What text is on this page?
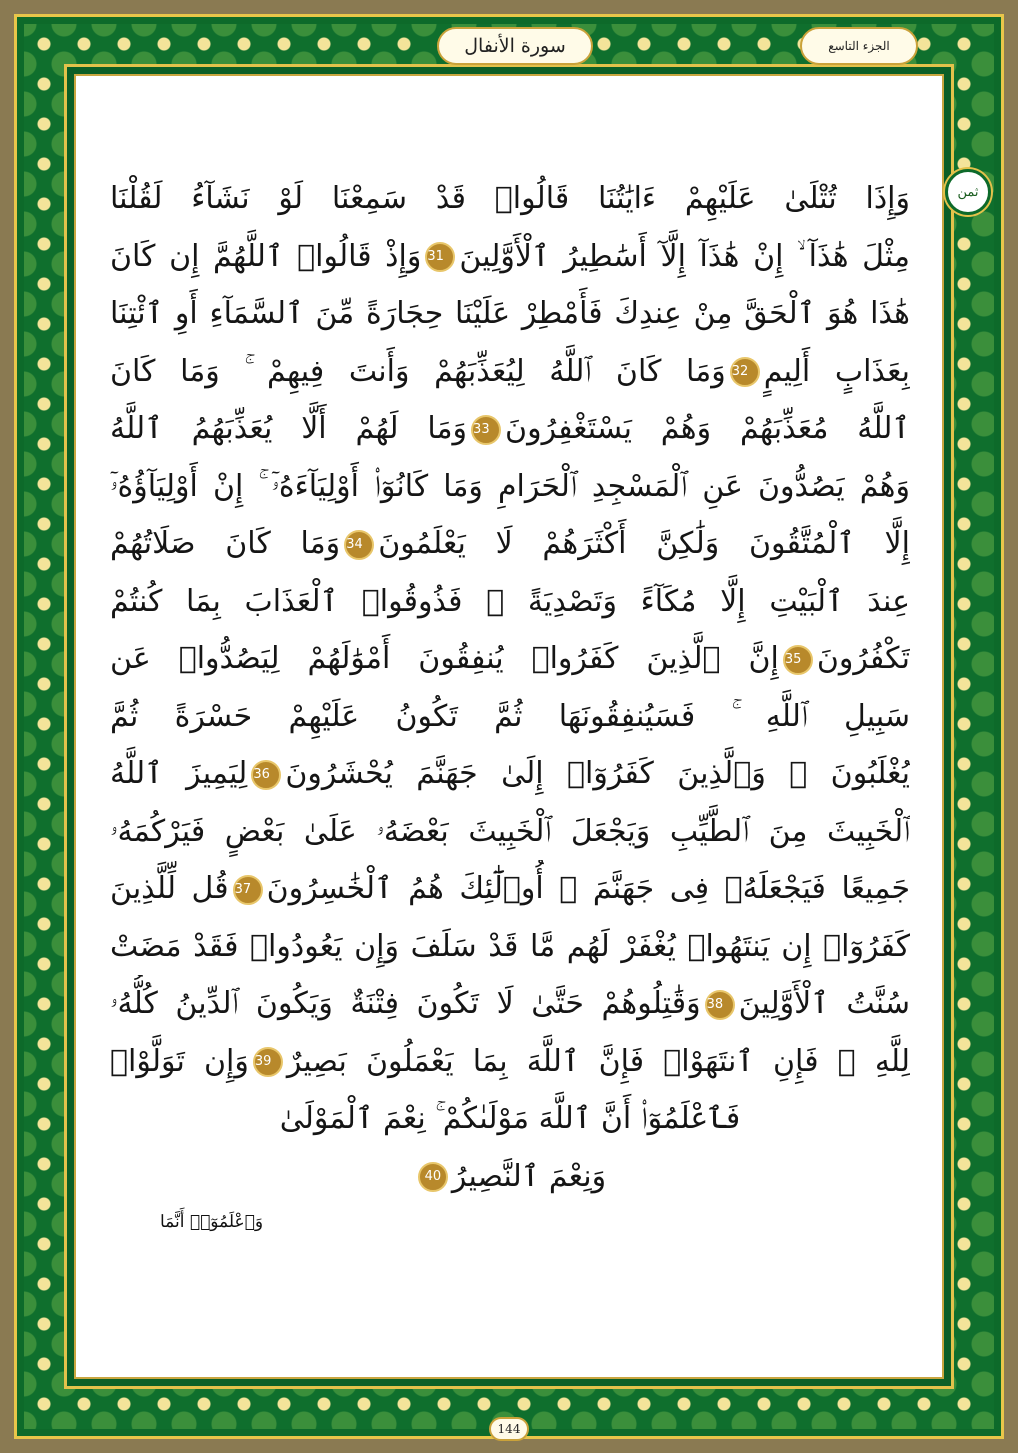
الجزء التاسع
سورة الأنفال
ثمن
وَإِذَا تُتْلَىٰ عَلَيْهِمْ ءَايَٰتُنَا قَالُوا۟ قَدْ سَمِعْنَا لَوْ نَشَآءُ لَقُلْنَا
مِثْلَ هَٰذَآ ۙ إِنْ هَٰذَآ إِلَّآ أَسَٰطِيرُ ٱلْأَوَّلِينَ31وَإِذْ قَالُوا۟ ٱللَّهُمَّ إِن كَانَ
هَٰذَا هُوَ ٱلْحَقَّ مِنْ عِندِكَ فَأَمْطِرْ عَلَيْنَا حِجَارَةً مِّنَ ٱلسَّمَآءِ أَوِ ٱئْتِنَا
بِعَذَابٍ أَلِيمٍ32وَمَا كَانَ ٱللَّهُ لِيُعَذِّبَهُمْ وَأَنتَ فِيهِمْ ۚ وَمَا كَانَ
ٱللَّهُ مُعَذِّبَهُمْ وَهُمْ يَسْتَغْفِرُونَ33وَمَا لَهُمْ أَلَّا يُعَذِّبَهُمُ ٱللَّهُ
وَهُمْ يَصُدُّونَ عَنِ ٱلْمَسْجِدِ ٱلْحَرَامِ وَمَا كَانُوٓا۟ أَوْلِيَآءَهُۥٓ ۚ إِنْ أَوْلِيَآؤُهُۥٓ
إِلَّا ٱلْمُتَّقُونَ وَلَٰكِنَّ أَكْثَرَهُمْ لَا يَعْلَمُونَ34وَمَا كَانَ صَلَاتُهُمْ
عِندَ ٱلْبَيْتِ إِلَّا مُكَآءً وَتَصْدِيَةً ۚ فَذُوقُوا۟ ٱلْعَذَابَ بِمَا كُنتُمْ
تَكْفُرُونَ35إِنَّ ٱلَّذِينَ كَفَرُوا۟ يُنفِقُونَ أَمْوَٰلَهُمْ لِيَصُدُّوا۟ عَن
سَبِيلِ ٱللَّهِ ۚ فَسَيُنفِقُونَهَا ثُمَّ تَكُونُ عَلَيْهِمْ حَسْرَةً ثُمَّ
يُغْلَبُونَ ۗ وَٱلَّذِينَ كَفَرُوٓا۟ إِلَىٰ جَهَنَّمَ يُحْشَرُونَ36لِيَمِيزَ ٱللَّهُ
ٱلْخَبِيثَ مِنَ ٱلطَّيِّبِ وَيَجْعَلَ ٱلْخَبِيثَ بَعْضَهُۥ عَلَىٰ بَعْضٍ فَيَرْكُمَهُۥ
جَمِيعًا فَيَجْعَلَهُۥ فِى جَهَنَّمَ ۚ أُو۟لَٰٓئِكَ هُمُ ٱلْخَٰسِرُونَ37قُل لِّلَّذِينَ
كَفَرُوٓا۟ إِن يَنتَهُوا۟ يُغْفَرْ لَهُم مَّا قَدْ سَلَفَ وَإِن يَعُودُوا۟ فَقَدْ مَضَتْ
سُنَّتُ ٱلْأَوَّلِينَ38وَقَٰتِلُوهُمْ حَتَّىٰ لَا تَكُونَ فِتْنَةٌ وَيَكُونَ ٱلدِّينُ كُلُّهُۥ
لِلَّهِ ۚ فَإِنِ ٱنتَهَوْا۟ فَإِنَّ ٱللَّهَ بِمَا يَعْمَلُونَ بَصِيرٌ39وَإِن تَوَلَّوْا۟
فَٱعْلَمُوٓا۟ أَنَّ ٱللَّهَ مَوْلَىٰكُمْ ۚ نِعْمَ ٱلْمَوْلَىٰ
وَنِعْمَ ٱلنَّصِيرُ40
وَٱعْلَمُوٓا۟ أَنَّمَا
144
